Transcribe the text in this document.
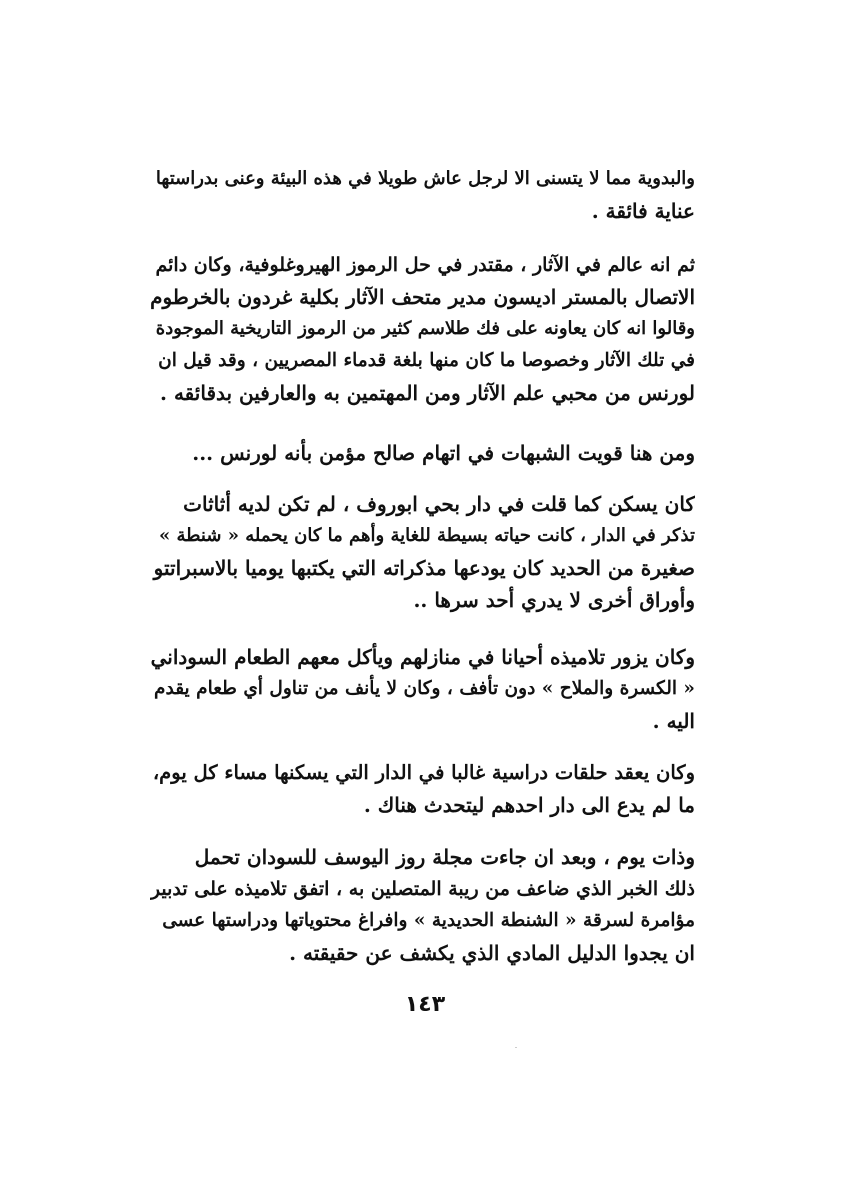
والبدوية مما لا يتسنى الا لرجل عاش طويلا في هذه البيئة وعنى بدراستها
عناية فائقة .
ثم انه عالم في الآثار ، مقتدر في حل الرموز الهيروغلوفية، وكان دائم
الاتصال بالمستر اديسون مدير متحف الآثار بكلية غردون بالخرطوم
وقالوا انه كان يعاونه على فك طلاسم كثير من الرموز التاريخية الموجودة
في تلك الآثار وخصوصا ما كان منها بلغة قدماء المصريين ، وقد قيل ان
لورنس من محبي علم الآثار ومن المهتمين به والعارفين بدقائقه .
ومن هنا قويت الشبهات في اتهام صالح مؤمن بأنه لورنس ...
كان يسكن كما قلت في دار بحي ابوروف ، لم تكن لديه أثاثات
تذكر في الدار ، كانت حياته بسيطة للغاية وأهم ما كان يحمله « شنطة »
صغيرة من الحديد كان يودعها مذكراته التي يكتبها يوميا بالاسبراتتو
وأوراق أخرى لا يدري أحد سرها ..
وكان يزور تلاميذه أحيانا في منازلهم ويأكل معهم الطعام السوداني
« الكسرة والملاح » دون تأفف ، وكان لا يأنف من تناول أي طعام يقدم
اليه .
وكان يعقد حلقات دراسية غالبا في الدار التي يسكنها مساء كل يوم،
ما لم يدع الى دار احدهم ليتحدث هناك .
وذات يوم ، وبعد ان جاءت مجلة روز اليوسف للسودان تحمل
ذلك الخبر الذي ضاعف من ريبة المتصلين به ، اتفق تلاميذه على تدبير
مؤامرة لسرقة « الشنطة الحديدية » وافراغ محتوياتها ودراستها عسى
ان يجدوا الدليل المادي الذي يكشف عن حقيقته .
١٤٣
